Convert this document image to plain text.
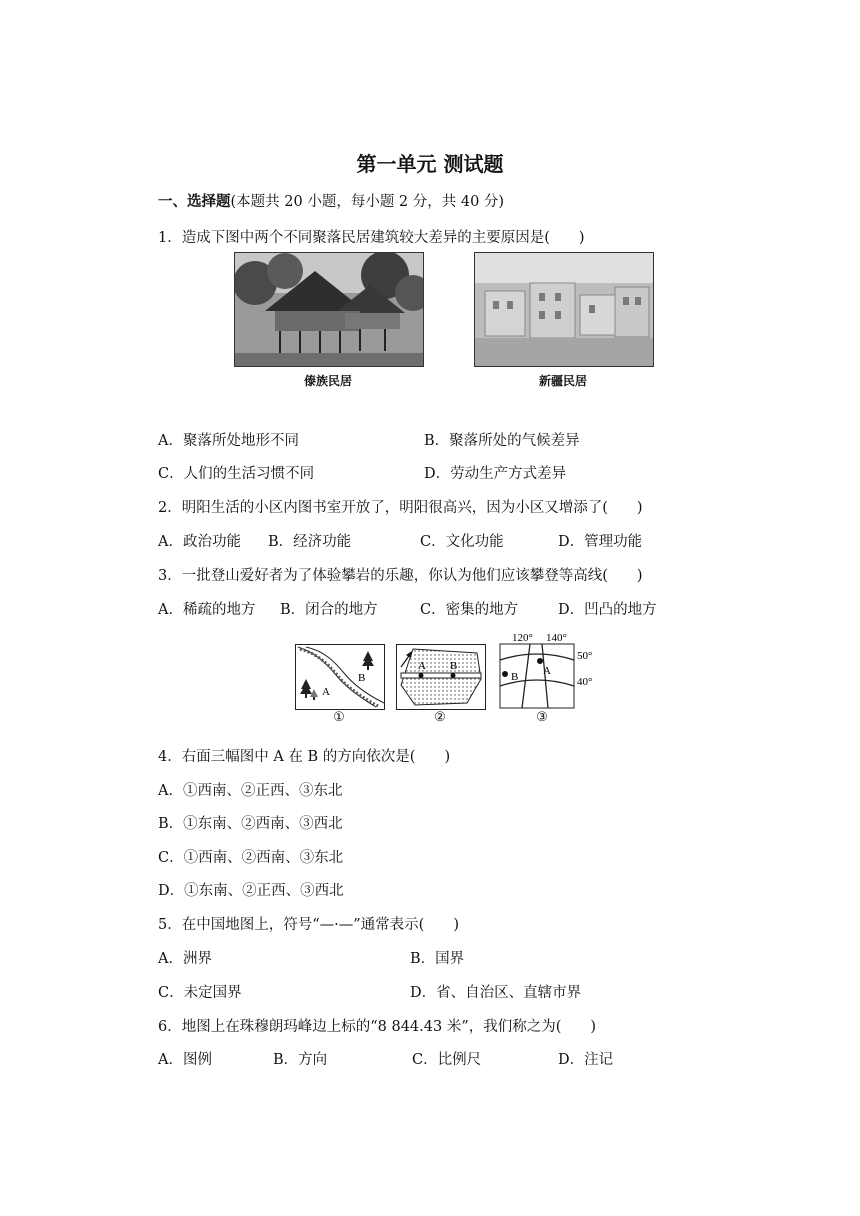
第一单元 测试题
一、选择题(本题共 20 小题，每小题 2 分，共 40 分)
1．造成下图中两个不同聚落民居建筑较大差异的主要原因是(　　)
傣族民居	新疆民居
A．聚落所处地形不同	B．聚落所处的气候差异
C．人们的生活习惯不同	D．劳动生产方式差异
2．明阳生活的小区内图书室开放了，明阳很高兴，因为小区又增添了(　　)
A．政治功能 B．经济功能	C．文化功能	D．管理功能
3．一批登山爱好者为了体验攀岩的乐趣，你认为他们应该攀登等高线(　　)
A．稀疏的地方 B．闭合的地方	C．密集的地方	D．凹凸的地方
A
B
①
A B
②
120° 140°
A
B
50°
40°
③
4．右面三幅图中 A 在 B 的方向依次是(　　)
A．①西南、②正西、③东北
B．①东南、②西南、③西北
C．①西南、②西南、③东北
D．①东南、②正西、③西北
5．在中国地图上，符号“—·—”通常表示(　　)
A．洲界	B．国界
C．未定国界	D．省、自治区、直辖市界
6．地图上在珠穆朗玛峰边上标的“8 844.43 米”，我们称之为(　　)
A．图例	B．方向	C．比例尺	D．注记
